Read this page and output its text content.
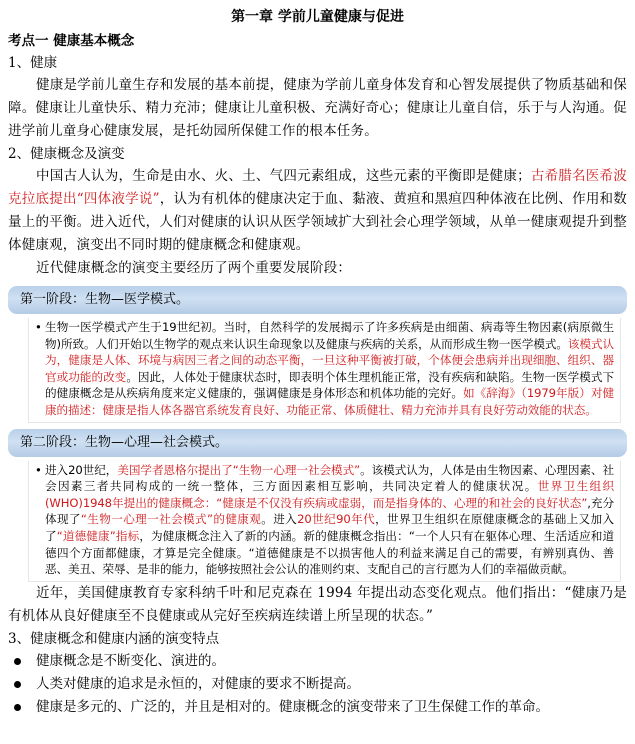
第一章 学前儿童健康与促进
考点一 健康基本概念
1、健康

健康是学前儿童生存和发展的基本前提，健康为学前儿童身体发育和心智发展提供了物质基础和保障。健康让儿童快乐、精力充沛；健康让儿童积极、充满好奇心；健康让儿童自信，乐于与人沟通。促进学前儿童身心健康发展，是托幼园所保健工作的根本任务。

2、健康概念及演变

中国古人认为，生命是由水、火、土、气四元素组成，这些元素的平衡即是健康；古希腊名医希波克拉底提出“四体液学说”，认为有机体的健康决定于血、黏液、黄疸和黑疸四种体液在比例、作用和数量上的平衡。进入近代，人们对健康的认识从医学领域扩大到社会心理学领域，从单一健康观提升到整体健康观，演变出不同时期的健康概念和健康观。

近代健康概念的演变主要经历了两个重要发展阶段：

第一阶段：生物—医学模式。
• 生物一医学模式产生于19世纪初。当时，自然科学的发展揭示了许多疾病是由细菌、病毒等生物因素(病原微生物)所致。人们开始以生物学的观点来认识生命现象以及健康与疾病的关系，从而形成生物一医学模式。该模式认为，健康是人体、环境与病因三者之间的动态平衡，一旦这种平衡被打破，个体便会患病并出现细胞、组织、器官或功能的改变。因此，人体处于健康状态时，即表明个体生理机能正常，没有疾病和缺陷。生物一医学模式下的健康概念是从疾病角度来定义健康的，强调健康是身体形态和机体功能的完好。如《辞海》（1979年版）对健康的描述：健康是指人体各器官系统发育良好、功能正常、体质健壮、精力充沛并具有良好劳动效能的状态。
第二阶段：生物—心理—社会模式。
• 进入20世纪，美国学者恩格尔提出了“生物一心理一社会模式”。该模式认为，人体是由生物因素、心理因素、社会因素三者共同构成的一统一整体，三方面因素相互影响，共同决定着人的健康状况。世界卫生组织(WHO)1948年提出的健康概念：“健康是不仅没有疾病或虚弱，而是指身体的、心理的和社会的良好状态”,充分体现了“生物一心理一社会模式”的健康观。进入20世纪90年代，世界卫生组织在原健康概念的基础上又加入了“道德健康”指标，为健康概念注入了新的内涵。新的健康概念指出：“一个人只有在躯体心理、生活适应和道德四个方面都健康，才算是完全健康。“道德健康是不以损害他人的利益来满足自己的需要，有辨别真伪、善恶、美丑、荣辱、是非的能力，能够按照社会公认的准则约束、支配自己的言行愿为人们的幸福做贡献。

近年，美国健康教育专家科纳千叶和尼克森在 1994 年提出动态变化观点。他们指出：“健康乃是有机体从良好健康至不良健康或从完好至疾病连续谱上所呈现的状态。”

3、健康概念和健康内涵的演变特点
健康概念是不断变化、演进的。
人类对健康的追求是永恒的，对健康的要求不断提高。
健康是多元的、广泛的，并且是相对的。健康概念的演变带来了卫生保健工作的革命。
